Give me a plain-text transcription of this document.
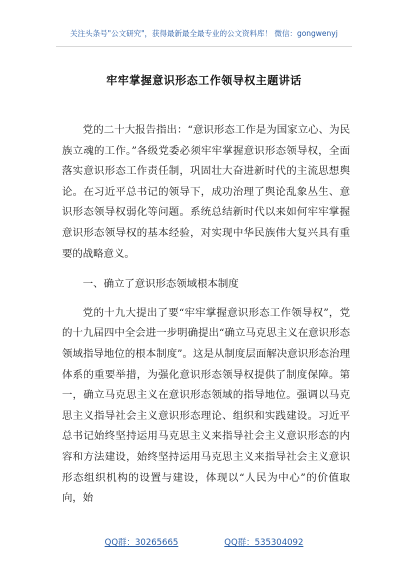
关注头条号"公文研究"，获得最新最全最专业的公文资料库！ 微信：gongwenyj
牢牢掌握意识形态工作领导权主题讲话

党的二十大报告指出：“意识形态工作是为国家立心、为民族立魂的工作。”各级党委必须牢牢掌握意识形态领导权，全面落实意识形态工作责任制，巩固壮大奋进新时代的主流思想舆论。在习近平总书记的领导下，成功治理了舆论乱象丛生、意识形态领导权弱化等问题。系统总结新时代以来如何牢牢掌握意识形态领导权的基本经验，对实现中华民族伟大复兴具有重要的战略意义。

一、确立了意识形态领域根本制度

党的十九大提出了要“牢牢掌握意识形态工作领导权”，党的十九届四中全会进一步明确提出“确立马克思主义在意识形态领域指导地位的根本制度”。这是从制度层面解决意识形态治理体系的重要举措，为强化意识形态领导权提供了制度保障。第一，确立马克思主义在意识形态领域的指导地位。强调以马克思主义指导社会主义意识形态理论、组织和实践建设。习近平总书记始终坚持运用马克思主义来指导社会主义意识形态的内容和方法建设，始终坚持运用马克思主义来指导社会主义意识形态组织机构的设置与建设，体现以“人民为中心”的价值取向，始

QQ群：30265665	QQ群：535304092
